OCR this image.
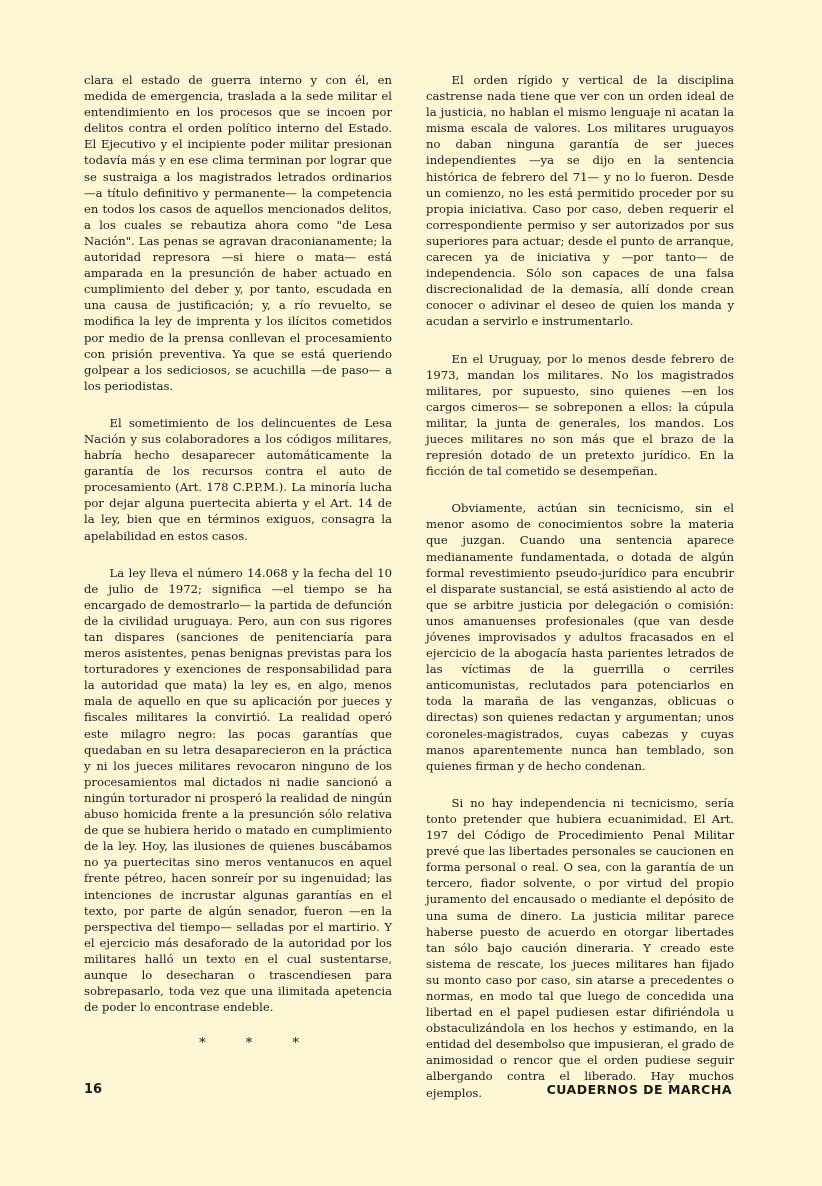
clara el estado de guerra interno y con él, en medida de emergencia, traslada a la sede militar el entendimiento en los procesos que se incoen por delitos contra el orden político interno del Estado. El Ejecutivo y el incipiente poder militar presionan todavía más y en ese clima terminan por lograr que se sustraiga a los magistrados letrados ordinarios —a título definitivo y permanente— la competencia en todos los casos de aquellos mencionados delitos, a los cuales se rebautiza ahora como "de Lesa Nación". Las penas se agravan draconianamente; la autoridad represora —si hiere o mata— está amparada en la presunción de haber actuado en cumplimiento del deber y, por tanto, escudada en una causa de justificación; y, a río revuelto, se modifica la ley de imprenta y los ilícitos cometidos por medio de la prensa conllevan el procesamiento con prisión preventiva. Ya que se está queriendo golpear a los sediciosos, se acuchilla —de paso— a los periodistas.

El sometimiento de los delincuentes de Lesa Nación y sus colaboradores a los códigos militares, habría hecho desaparecer automáticamente la garantía de los recursos contra el auto de procesamiento (Art. 178 C.P.P.M.). La minoría lucha por dejar alguna puertecita abierta y el Art. 14 de la ley, bien que en términos exiguos, consagra la apelabilidad en estos casos.

La ley lleva el número 14.068 y la fecha del 10 de julio de 1972; significa —el tiempo se ha encargado de demostrarlo— la partida de defunción de la civilidad uruguaya. Pero, aun con sus rigores tan dispares (sanciones de penitenciaría para meros asistentes, penas benignas previstas para los torturadores y exenciones de responsabilidad para la autoridad que mata) la ley es, en algo, menos mala de aquello en que su aplicación por jueces y fiscales militares la convirtió. La realidad operó este milagro negro: las pocas garantías que quedaban en su letra desaparecieron en la práctica y ni los jueces militares revocaron ninguno de los procesamientos mal dictados ni nadie sancionó a ningún torturador ni prosperó la realidad de ningún abuso homicida frente a la presunción sólo relativa de que se hubiera herido o matado en cumplimiento de la ley. Hoy, las ilusiones de quienes buscábamos no ya puertecitas sino meros ventanucos en aquel frente pétreo, hacen sonreír por su ingenuidad; las intenciones de incrustar algunas garantías en el texto, por parte de algún senador, fueron —en la perspectiva del tiempo— selladas por el martirio. Y el ejercicio más desaforado de la autoridad por los militares halló un texto en el cual sustentarse, aunque lo desecharan o trascendiesen para sobrepasarlo, toda vez que una ilimitada apetencia de poder lo encontrase endeble.

* * *

El orden rígido y vertical de la disciplina castrense nada tiene que ver con un orden ideal de la justicia, no hablan el mismo lenguaje ni acatan la misma escala de valores. Los militares uruguayos no daban ninguna garantía de ser jueces independientes —ya se dijo en la sentencia histórica de febrero del 71— y no lo fueron. Desde un comienzo, no les está permitido proceder por su propia iniciativa. Caso por caso, deben requerir el correspondiente permiso y ser autorizados por sus superiores para actuar; desde el punto de arranque, carecen ya de iniciativa y —por tanto— de independencia. Sólo son capaces de una falsa discrecionalidad de la demasía, allí donde crean conocer o adivinar el deseo de quien los manda y acudan a servirlo e instrumentarlo.

En el Uruguay, por lo menos desde febrero de 1973, mandan los militares. No los magistrados militares, por supuesto, sino quienes —en los cargos cimeros— se sobreponen a ellos: la cúpula militar, la junta de generales, los mandos. Los jueces militares no son más que el brazo de la represión dotado de un pretexto jurídico. En la ficción de tal cometido se desempeñan.

Obviamente, actúan sin tecnicismo, sin el menor asomo de conocimientos sobre la materia que juzgan. Cuando una sentencia aparece medianamente fundamentada, o dotada de algún formal revestimiento pseudo-jurídico para encubrir el disparate sustancial, se está asistiendo al acto de que se arbitre justicia por delegación o comisión: unos amanuenses profesionales (que van desde jóvenes improvisados y adultos fracasados en el ejercicio de la abogacía hasta parientes letrados de las víctimas de la guerrilla o cerriles anticomunistas, reclutados para potenciarlos en toda la maraña de las venganzas, oblicuas o directas) son quienes redactan y argumentan; unos coroneles-magistrados, cuyas cabezas y cuyas manos aparentemente nunca han temblado, son quienes firman y de hecho condenan.

Si no hay independencia ni tecnicismo, sería tonto pretender que hubiera ecuanimidad. El Art. 197 del Código de Procedimiento Penal Militar prevé que las libertades personales se caucionen en forma personal o real. O sea, con la garantía de un tercero, fiador solvente, o por virtud del propio juramento del encausado o mediante el depósito de una suma de dinero. La justicia militar parece haberse puesto de acuerdo en otorgar libertades tan sólo bajo caución dineraria. Y creado este sistema de rescate, los jueces militares han fijado su monto caso por caso, sin atarse a precedentes o normas, en modo tal que luego de concedida una libertad en el papel pudiesen estar difiriéndola u obstaculizándola en los hechos y estimando, en la entidad del desembolso que impusieran, el grado de animosidad o rencor que el orden pudiese seguir albergando contra el liberado. Hay muchos ejemplos.

16	CUADERNOS DE MARCHA
